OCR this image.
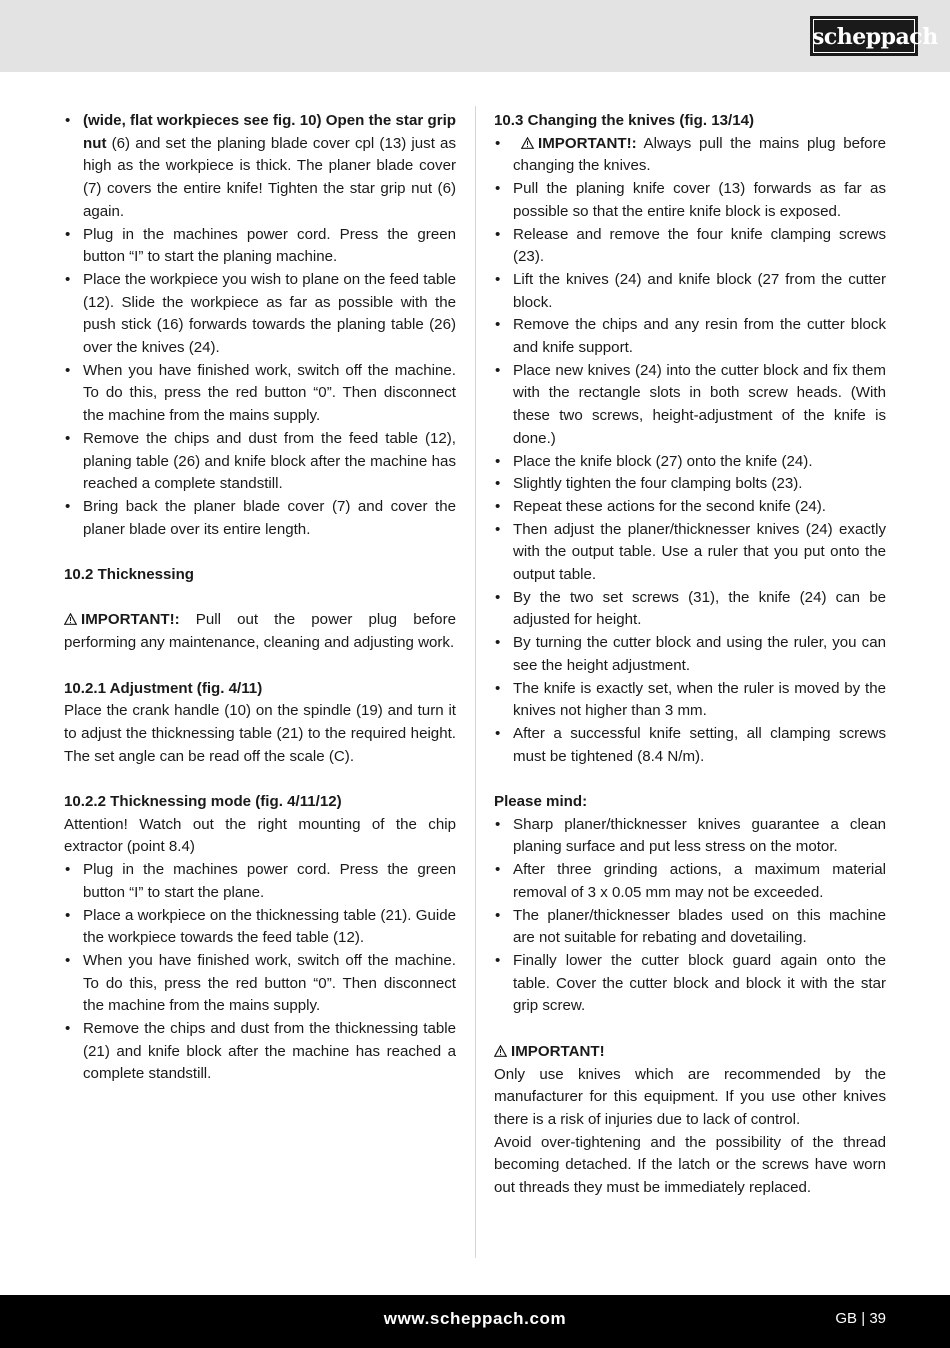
scheppach
• (wide, flat workpieces see fig. 10) Open the star grip nut (6) and set the planing blade cover cpl (13) just as high as the workpiece is thick. The planer blade cover (7) covers the entire knife! Tighten the star grip nut (6) again.
• Plug in the machines power cord. Press the green button “I” to start the planing machine.
• Place the workpiece you wish to plane on the feed table (12). Slide the workpiece as far as possible with the push stick (16) forwards towards the planing table (26) over the knives (24).
• When you have finished work, switch off the machine. To do this, press the red button “0”. Then disconnect the machine from the mains supply.
• Remove the chips and dust from the feed table (12), planing table (26) and knife block after the machine has reached a complete standstill.
• Bring back the planer blade cover (7) and cover the planer blade over its entire length.

10.2 Thicknessing

IMPORTANT!: Pull out the power plug before performing any maintenance, cleaning and adjusting work.

10.2.1 Adjustment (fig. 4/11)

Place the crank handle (10) on the spindle (19) and turn it to adjust the thicknessing table (21) to the required height. The set angle can be read off the scale (C).

10.2.2 Thicknessing mode (fig. 4/11/12)

Attention! Watch out the right mounting of the chip extractor (point 8.4)

• Plug in the machines power cord. Press the green button “I” to start the plane.
• Place a workpiece on the thicknessing table (21). Guide the workpiece towards the feed table (12).
• When you have finished work, switch off the machine. To do this, press the red button “0”. Then disconnect the machine from the mains supply.
• Remove the chips and dust from the thicknessing table (21) and knife block after the machine has reached a complete standstill.

10.3 Changing the knives (fig. 13/14)

• IMPORTANT!: Always pull the mains plug before changing the knives.
• Pull the planing knife cover (13) forwards as far as possible so that the entire knife block is exposed.
• Release and remove the four knife clamping screws (23).
• Lift the knives (24) and knife block (27 from the cutter block.
• Remove the chips and any resin from the cutter block and knife support.
• Place new knives (24) into the cutter block and fix them with the rectangle slots in both screw heads. (With these two screws, height-adjustment of the knife is done.)
• Place the knife block (27) onto the knife (24).
• Slightly tighten the four clamping bolts (23).
• Repeat these actions for the second knife (24).
• Then adjust the planer/thicknesser knives (24) exactly with the output table. Use a ruler that you put onto the output table.
• By the two set screws (31), the knife (24) can be adjusted for height.
• By turning the cutter block and using the ruler, you can see the height adjustment.
• The knife is exactly set, when the ruler is moved by the knives not higher than 3 mm.
• After a successful knife setting, all clamping screws must be tightened (8.4 N/m).

Please mind:

• Sharp planer/thicknesser knives guarantee a clean planing surface and put less stress on the motor.
• After three grinding actions, a maximum material removal of 3 x 0.05 mm may not be exceeded.
• The planer/thicknesser blades used on this machine are not suitable for rebating and dovetailing.
• Finally lower the cutter block guard again onto the table. Cover the cutter block and block it with the star grip screw.

IMPORTANT!

Only use knives which are recommended by the manufacturer for this equipment. If you use other knives there is a risk of injuries due to lack of control.

Avoid over-tightening and the possibility of the thread becoming detached. If the latch or the screws have worn out threads they must be immediately replaced.

www.scheppach.com	GB | 39
